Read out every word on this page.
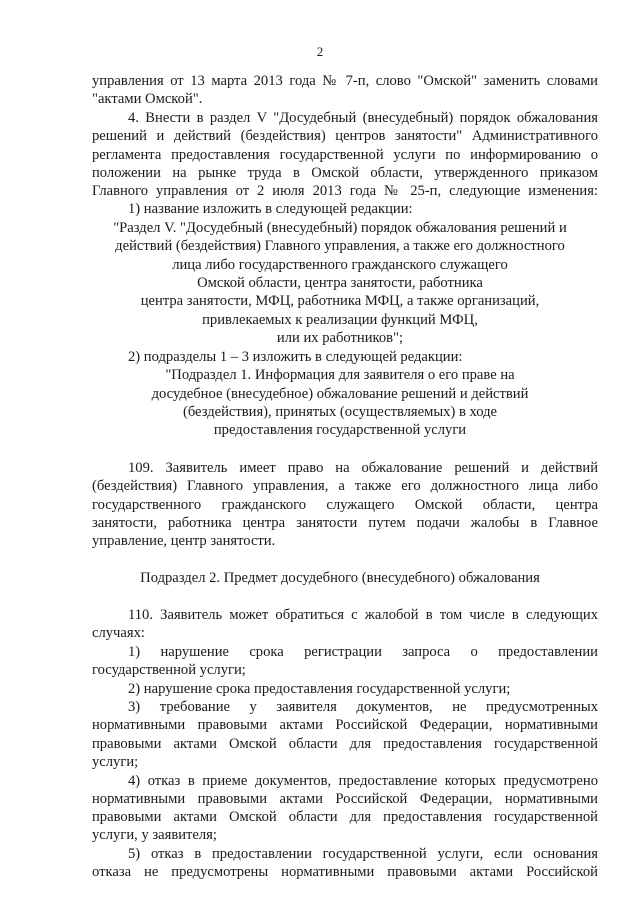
2
управления от 13 марта 2013 года № 7-п, слово "Омской" заменить словами
"актами Омской".
4. Внести в раздел V "Досудебный (внесудебный) порядок обжалования
решений и действий (бездействия) центров занятости" Административного
регламента предоставления государственной услуги по информированию о
положении на рынке труда в Омской области, утвержденного приказом
Главного управления от 2 июля 2013 года № 25-п, следующие изменения:
1) название изложить в следующей редакции:
"Раздел V. "Досудебный (внесудебный) порядок обжалования решений и
действий (бездействия) Главного управления, а также его должностного
лица либо государственного гражданского служащего
Омской области, центра занятости, работника
центра занятости, МФЦ, работника МФЦ, а также организаций,
привлекаемых к реализации функций МФЦ,
или их работников";
2) подразделы 1 – 3 изложить в следующей редакции:
"Подраздел 1. Информация для заявителя о его праве на
досудебное (внесудебное) обжалование решений и действий
(бездействия), принятых (осуществляемых) в ходе
предоставления государственной услуги
109. Заявитель имеет право на обжалование решений и действий
(бездействия) Главного управления, а также его должностного лица либо
государственного гражданского служащего Омской области, центра
занятости, работника центра занятости путем подачи жалобы в Главное
управление, центр занятости.
Подраздел 2. Предмет досудебного (внесудебного) обжалования
110. Заявитель может обратиться с жалобой в том числе в следующих
случаях:
1) нарушение срока регистрации запроса о предоставлении
государственной услуги;
2) нарушение срока предоставления государственной услуги;
3) требование у заявителя документов, не предусмотренных
нормативными правовыми актами Российской Федерации, нормативными
правовыми актами Омской области для предоставления государственной
услуги;
4) отказ в приеме документов, предоставление которых предусмотрено
нормативными правовыми актами Российской Федерации, нормативными
правовыми актами Омской области для предоставления государственной
услуги, у заявителя;
5) отказ в предоставлении государственной услуги, если основания
отказа не предусмотрены нормативными правовыми актами Российской
